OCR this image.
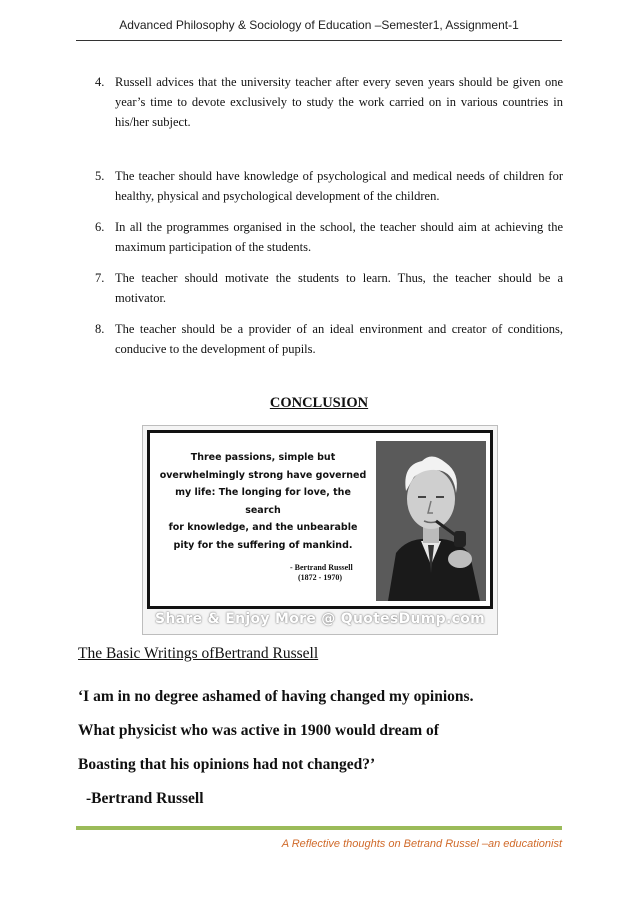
Advanced Philosophy & Sociology of Education –Semester1, Assignment-1
4. Russell advices that the university teacher after every seven years should be given one year’s time to devote exclusively to study the work carried on in various countries in his/her subject.
5. The teacher should have knowledge of psychological and medical needs of children for healthy, physical and psychological development of the children.
6. In all the programmes organised in the school, the teacher should aim at achieving the maximum participation of the students.
7. The teacher should motivate the students to learn. Thus, the teacher should be a motivator.
8. The teacher should be a provider of an ideal environment and creator of conditions, conducive to the development of pupils.
CONCLUSION
Three passions, simple but
overwhelmingly strong have governed
my life: The longing for love, the search
for knowledge, and the unbearable
pity for the suffering of mankind.
- Bertrand Russell
(1872 - 1970)
Share & Enjoy More @ QuotesDump.com
The Basic Writings ofBertrand Russell
‘I am in no degree ashamed of having changed my opinions.
What physicist who was active in 1900 would dream of
Boasting that his opinions had not changed?’
-Bertrand Russell
A Reflective thoughts on Betrand Russel –an educationist
